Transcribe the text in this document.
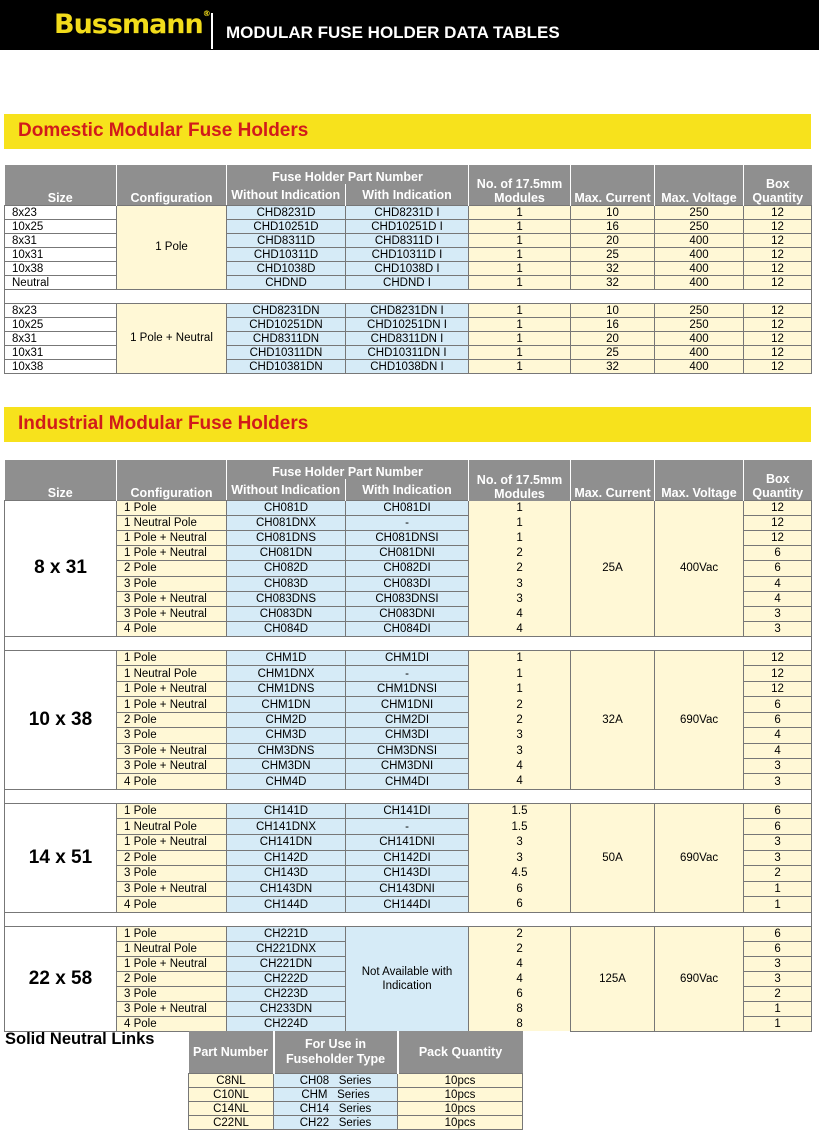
Bussmann®
MODULAR FUSE HOLDER DATA TABLES
Domestic Modular Fuse Holders
Size	Configuration	Fuse Holder Part Number		No. of 17.5mm Modules	Max. Current	Max. Voltage	Box Quantity
		Without Indication	With Indication				
8x23	1 Pole	CHD8231D	CHD8231D I	1	10	250	12
10x25		CHD10251D	CHD10251D I	1	16	250	12
8x31		CHD8311D	CHD8311D I	1	20	400	12
10x31		CHD10311D	CHD10311D I	1	25	400	12
10x38		CHD1038D	CHD1038D I	1	32	400	12
Neutral		CHDND	CHDND I	1	32	400	12

8x23	1 Pole + Neutral	CHD8231DN	CHD8231DN I	1	10	250	12
10x25		CHD10251DN	CHD10251DN I	1	16	250	12
8x31		CHD8311DN	CHD8311DN I	1	20	400	12
10x31		CHD10311DN	CHD10311DN I	1	25	400	12
10x38		CHD10381DN	CHD1038DN I	1	32	400	12
Industrial Modular Fuse Holders
Size	Configuration	Fuse Holder Part Number		No. of 17.5mm Modules	Max. Current	Max. Voltage	Box Quantity
		Without Indication	With Indication				
8 x 31	1 Pole	CH081D	CH081DI	1	25A	400Vac	12
	1 Neutral Pole	CH081DNX	-	1			12
	1 Pole + Neutral	CH081DNS	CH081DNSI	1			12
	1 Pole + Neutral	CH081DN	CH081DNI	2			6
	2 Pole	CH082D	CH082DI	2			6
	3 Pole	CH083D	CH083DI	3			4
	3 Pole + Neutral	CH083DNS	CH083DNSI	3			4
	3 Pole + Neutral	CH083DN	CH083DNI	4			3
	4 Pole	CH084D	CH084DI	4			3

10 x 38	1 Pole	CHM1D	CHM1DI	1	32A	690Vac	12
	1 Neutral Pole	CHM1DNX	-	1			12
	1 Pole + Neutral	CHM1DNS	CHM1DNSI	1			12
	1 Pole + Neutral	CHM1DN	CHM1DNI	2			6
	2 Pole	CHM2D	CHM2DI	2			6
	3 Pole	CHM3D	CHM3DI	3			4
	3 Pole + Neutral	CHM3DNS	CHM3DNSI	3			4
	3 Pole + Neutral	CHM3DN	CHM3DNI	4			3
	4 Pole	CHM4D	CHM4DI	4			3

14 x 51	1 Pole	CH141D	CH141DI	1.5	50A	690Vac	6
	1 Neutral Pole	CH141DNX	-	1.5			6
	1 Pole + Neutral	CH141DN	CH141DNI	3			3
	2 Pole	CH142D	CH142DI	3			3
	3 Pole	CH143D	CH143DI	4.5			2
	3 Pole + Neutral	CH143DN	CH143DNI	6			1
	4 Pole	CH144D	CH144DI	6			1

22 x 58	1 Pole	CH221D	Not Available with Indication	2	125A	690Vac	6
	1 Neutral Pole	CH221DNX		2			6
	1 Pole + Neutral	CH221DN		4			3
	2 Pole	CH222D		4			3
	3 Pole	CH223D		6			2
	3 Pole + Neutral	CH233DN		8			1
	4 Pole	CH224D		8			1
Solid Neutral Links
Part Number	For Use in Fuseholder Type	Pack Quantity
C8NL	CH08   Series	10pcs
C10NL	CHM   Series	10pcs
C14NL	CH14   Series	10pcs
C22NL	CH22   Series	10pcs
